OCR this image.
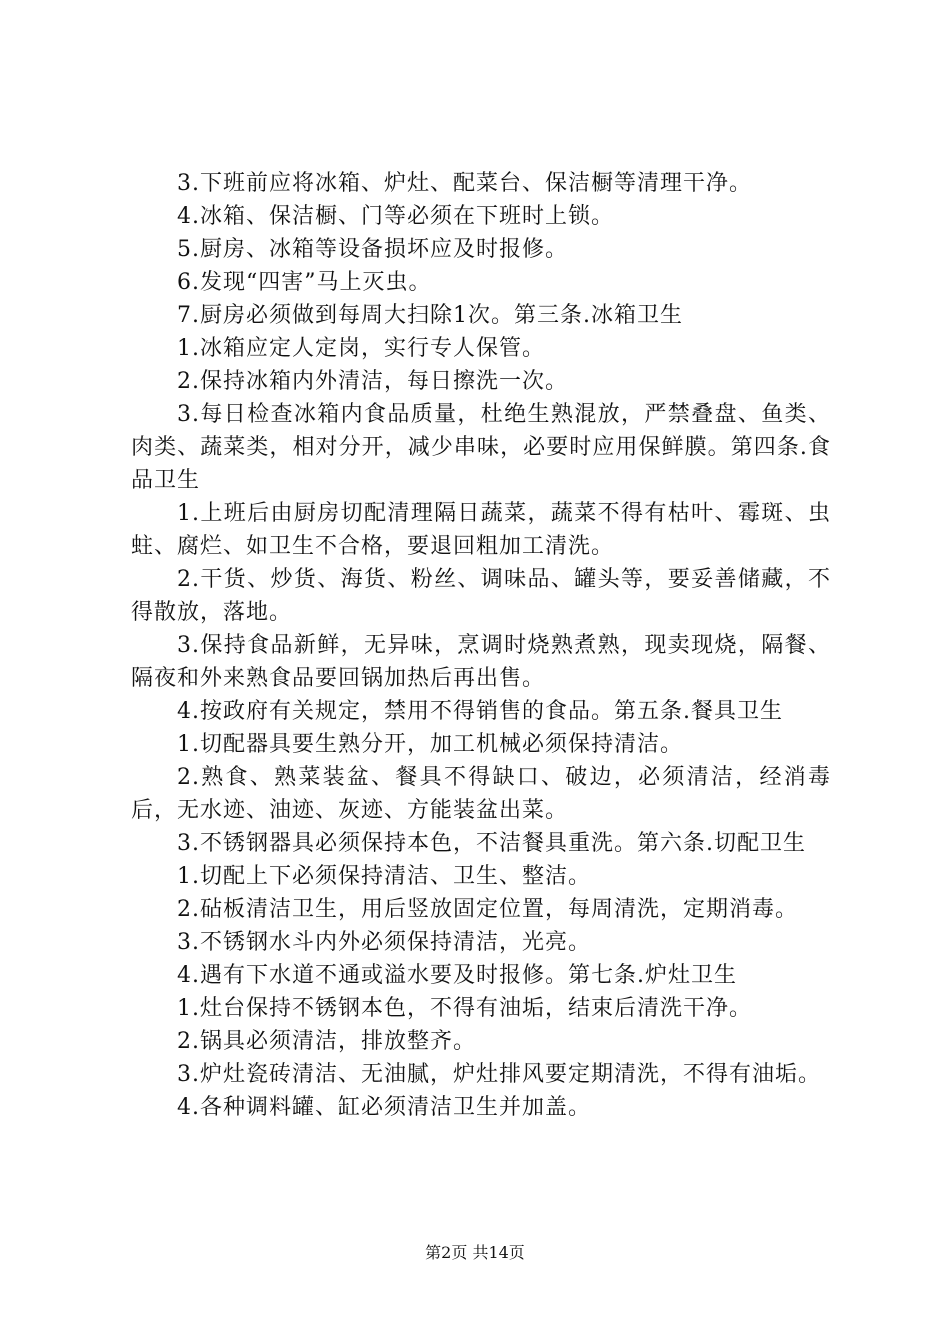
3.下班前应将冰箱、炉灶、配菜台、保洁橱等清理干净。

4.冰箱、保洁橱、门等必须在下班时上锁。

5.厨房、冰箱等设备损坏应及时报修。

6.发现“四害”马上灭虫。

7.厨房必须做到每周大扫除1次。第三条.冰箱卫生

1.冰箱应定人定岗，实行专人保管。

2.保持冰箱内外清洁，每日擦洗一次。

3.每日检查冰箱内食品质量，杜绝生熟混放，严禁叠盘、鱼类、肉类、蔬菜类，相对分开，减少串味，必要时应用保鲜膜。第四条.食品卫生

1.上班后由厨房切配清理隔日蔬菜，蔬菜不得有枯叶、霉斑、虫蛀、腐烂、如卫生不合格，要退回粗加工清洗。

2.干货、炒货、海货、粉丝、调味品、罐头等，要妥善储藏，不得散放，落地。

3.保持食品新鲜，无异味，烹调时烧熟煮熟，现卖现烧，隔餐、隔夜和外来熟食品要回锅加热后再出售。

4.按政府有关规定，禁用不得销售的食品。第五条.餐具卫生

1.切配器具要生熟分开，加工机械必须保持清洁。

2.熟食、熟菜装盆、餐具不得缺口、破边，必须清洁，经消毒后，无水迹、油迹、灰迹、方能装盆出菜。

3.不锈钢器具必须保持本色，不洁餐具重洗。第六条.切配卫生

1.切配上下必须保持清洁、卫生、整洁。

2.砧板清洁卫生，用后竖放固定位置，每周清洗，定期消毒。

3.不锈钢水斗内外必须保持清洁，光亮。

4.遇有下水道不通或溢水要及时报修。第七条.炉灶卫生

1.灶台保持不锈钢本色，不得有油垢，结束后清洗干净。

2.锅具必须清洁，排放整齐。

3.炉灶瓷砖清洁、无油腻，炉灶排风要定期清洗，不得有油垢。

4.各种调料罐、缸必须清洁卫生并加盖。

第2页 共14页
